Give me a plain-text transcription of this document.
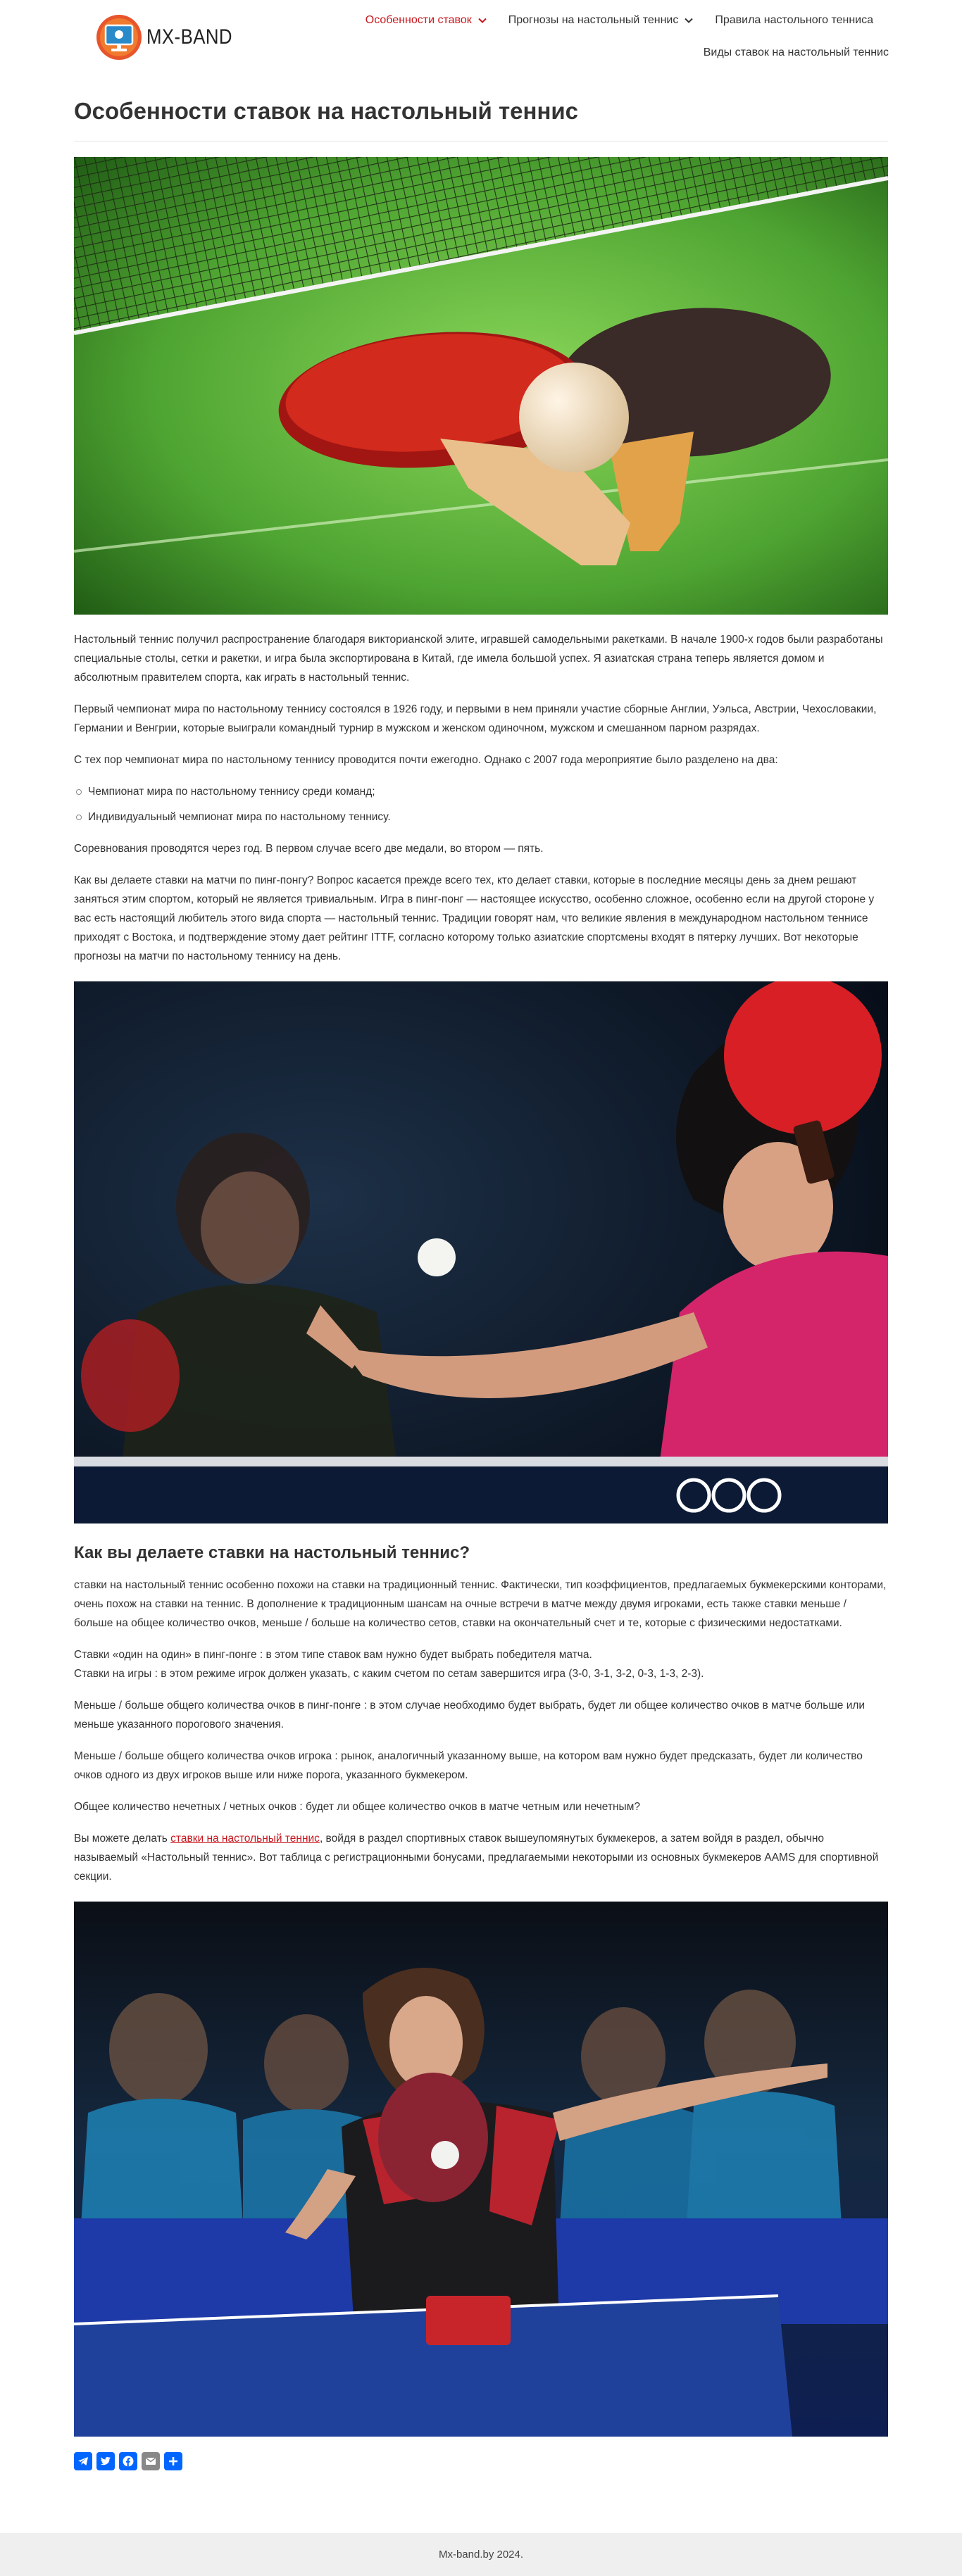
MX-BAND
Особенности ставок	Прогнозы на настольный теннис	Правила настольного тенниса
Виды ставок на настольный теннис
Особенности ставок на настольный теннис

Настольный теннис получил распространение благодаря викторианской элите, игравшей самодельными ракетками. В начале 1900-х годов были разработаны специальные столы, сетки и ракетки, и игра была экспортирована в Китай, где имела большой успех. Я азиатская страна теперь является домом и абсолютным правителем спорта, как играть в настольный теннис.

Первый чемпионат мира по настольному теннису состоялся в 1926 году, и первыми в нем приняли участие сборные Англии, Уэльса, Австрии, Чехословакии, Германии и Венгрии, которые выиграли командный турнир в мужском и женском одиночном, мужском и смешанном парном разрядах.

С тех пор чемпионат мира по настольному теннису проводится почти ежегодно. Однако с 2007 года мероприятие было разделено на два:

Чемпионат мира по настольному теннису среди команд;
Индивидуальный чемпионат мира по настольному теннису.

Соревнования проводятся через год. В первом случае всего две медали, во втором — пять.

Как вы делаете ставки на матчи по пинг-понгу? Вопрос касается прежде всего тех, кто делает ставки, которые в последние месяцы день за днем решают заняться этим спортом, который не является тривиальным. Игра в пинг-понг — настоящее искусство, особенно сложное, особенно если на другой стороне у вас есть настоящий любитель этого вида спорта — настольный теннис. Традиции говорят нам, что великие явления в международном настольном теннисе приходят с Востока, и подтверждение этому дает рейтинг ITTF, согласно которому только азиатские спортсмены входят в пятерку лучших. Вот некоторые прогнозы на матчи по настольному теннису на день.

Как вы делаете ставки на настольный теннис?

ставки на настольный теннис особенно похожи на ставки на традиционный теннис. Фактически, тип коэффициентов, предлагаемых букмекерскими конторами, очень похож на ставки на теннис. В дополнение к традиционным шансам на очные встречи в матче между двумя игроками, есть также ставки меньше / больше на общее количество очков, меньше / больше на количество сетов, ставки на окончательный счет и те, которые с физическими недостатками.

Ставки «один на один» в пинг-понге : в этом типе ставок вам нужно будет выбрать победителя матча.

Ставки на игры : в этом режиме игрок должен указать, с каким счетом по сетам завершится игра (3-0, 3-1, 3-2, 0-3, 1-3, 2-3).

Меньше / больше общего количества очков в пинг-понге : в этом случае необходимо будет выбрать, будет ли общее количество очков в матче больше или меньше указанного порогового значения.

Меньше / больше общего количества очков игрока : рынок, аналогичный указанному выше, на котором вам нужно будет предсказать, будет ли количество очков одного из двух игроков выше или ниже порога, указанного букмекером.

Общее количество нечетных / четных очков : будет ли общее количество очков в матче четным или нечетным?

Вы можете делать ставки на настольный теннис, войдя в раздел спортивных ставок вышеупомянутых букмекеров, а затем войдя в раздел, обычно называемый «Настольный теннис». Вот таблица с регистрационными бонусами, предлагаемыми некоторыми из основных букмекеров AAMS для спортивной секции.

Mx-band.by 2024.
